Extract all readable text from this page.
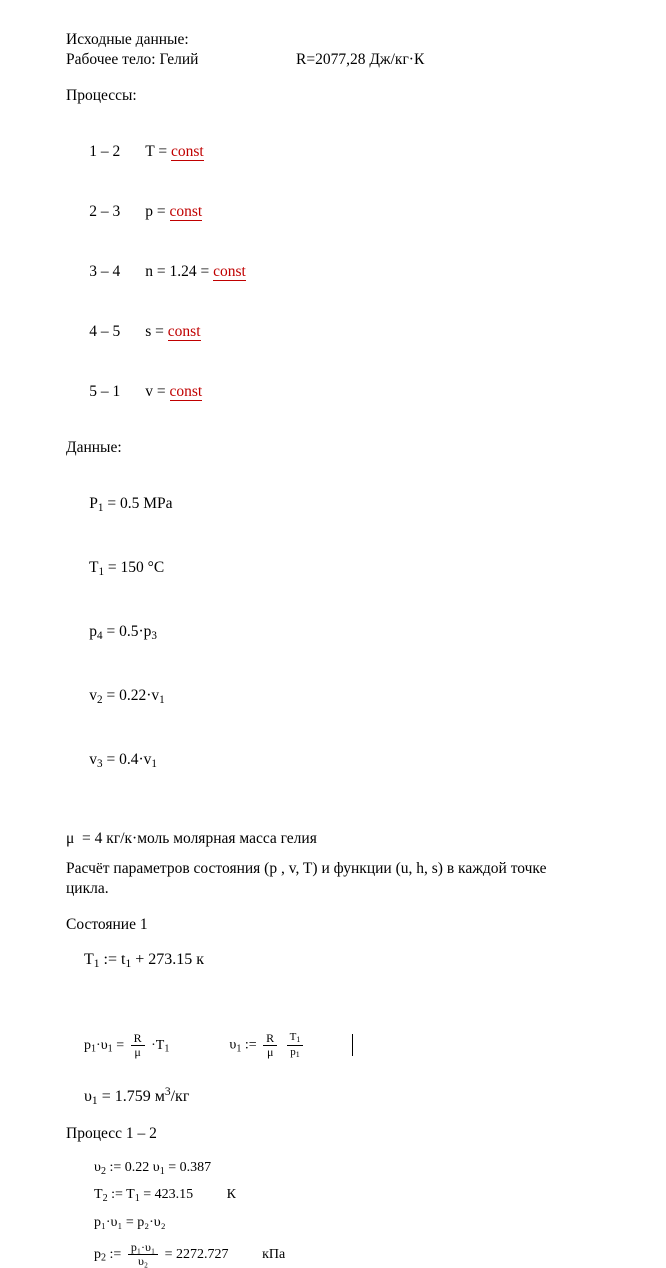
Исходные данные:
Рабочее тело: Гелий	R=2077,28 Дж/кг·К
Процессы:

1 – 2 T = const

2 – 3 p = const

3 – 4 n = 1.24 = const

4 – 5 s = const

5 – 1 v = const

Данные:

$P_1 = 0.5$ MPa

$T_1 = 150$ °C

$p_4 = 0.5\cdot p_3$

$v_2 = 0.22\cdot v_1$

$v_3 = 0.4\cdot v_1$

μ  = 4 кг/к·моль молярная масса гелия
Расчёт параметров состояния (p , v, T) и функции (u, h, s) в каждой точке
цикла.
Состояние 1
$T_1$ := $t_1 + 273.15$ к
$p_1\cdot\upsilon_1 = \frac{R}{\mu} \cdot T_1$	$\upsilon_1$ := $\frac{R}{\mu}$
$\frac{T_1}{p_1}$
$\upsilon_1 = 1.759$ $м^3/кг$
Процесс 1 – 2
$\upsilon_2$ := 0.22 $\upsilon_1 = 0.387$
$T_2$ := $T_1 = 423.15$ К
p₁·υ₁ = p₂·υ₂
$p_2$ := $\frac{\text{p₁·υ₁}}{\text{υ₂}} = 2272.727$ кПа
